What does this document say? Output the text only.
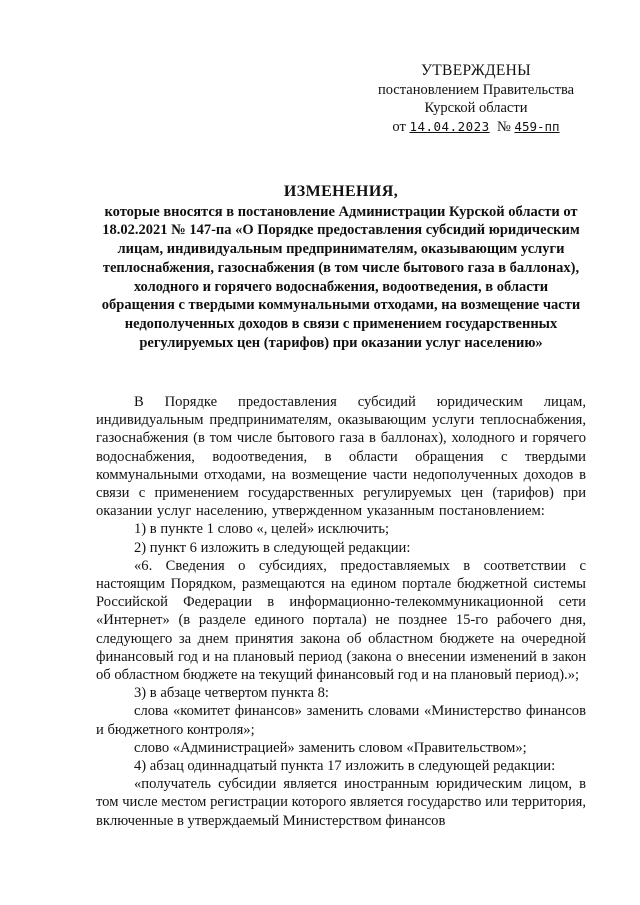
УТВЕРЖДЕНЫ
постановлением Правительства
Курской области
от 14.04.2023 № 459-пп
ИЗМЕНЕНИЯ,
которые вносятся в постановление Администрации Курской области от 18.02.2021 № 147-па «О Порядке предоставления субсидий юридическим лицам, индивидуальным предпринимателям, оказывающим услуги теплоснабжения, газоснабжения (в том числе бытового газа в баллонах), холодного и горячего водоснабжения, водоотведения, в области обращения с твердыми коммунальными отходами, на возмещение части недополученных доходов в связи с применением государственных регулируемых цен (тарифов) при оказании услуг населению»

В Порядке предоставления субсидий юридическим лицам, индивидуальным предпринимателям, оказывающим услуги теплоснабжения, газоснабжения (в том числе бытового газа в баллонах), холодного и горячего водоснабжения, водоотведения, в области обращения с твердыми коммунальными отходами, на возмещение части недополученных доходов в связи с применением государственных регулируемых цен (тарифов) при оказании услуг населению, утвержденном указанным постановлением:

1) в пункте 1 слово «, целей» исключить;

2) пункт 6 изложить в следующей редакции:

«6. Сведения о субсидиях, предоставляемых в соответствии с настоящим Порядком, размещаются на едином портале бюджетной системы Российской Федерации в информационно-телекоммуникационной сети «Интернет» (в разделе единого портала) не позднее 15-го рабочего дня, следующего за днем принятия закона об областном бюджете на очередной финансовый год и на плановый период (закона о внесении изменений в закон об областном бюджете на текущий финансовый год и на плановый период).»;

3) в абзаце четвертом пункта 8:

слова «комитет финансов» заменить словами «Министерство финансов и бюджетного контроля»;

слово «Администрацией» заменить словом «Правительством»;

4) абзац одиннадцатый пункта 17 изложить в следующей редакции:

«получатель субсидии является иностранным юридическим лицом, в том числе местом регистрации которого является государство или территория, включенные в утверждаемый Министерством финансов
